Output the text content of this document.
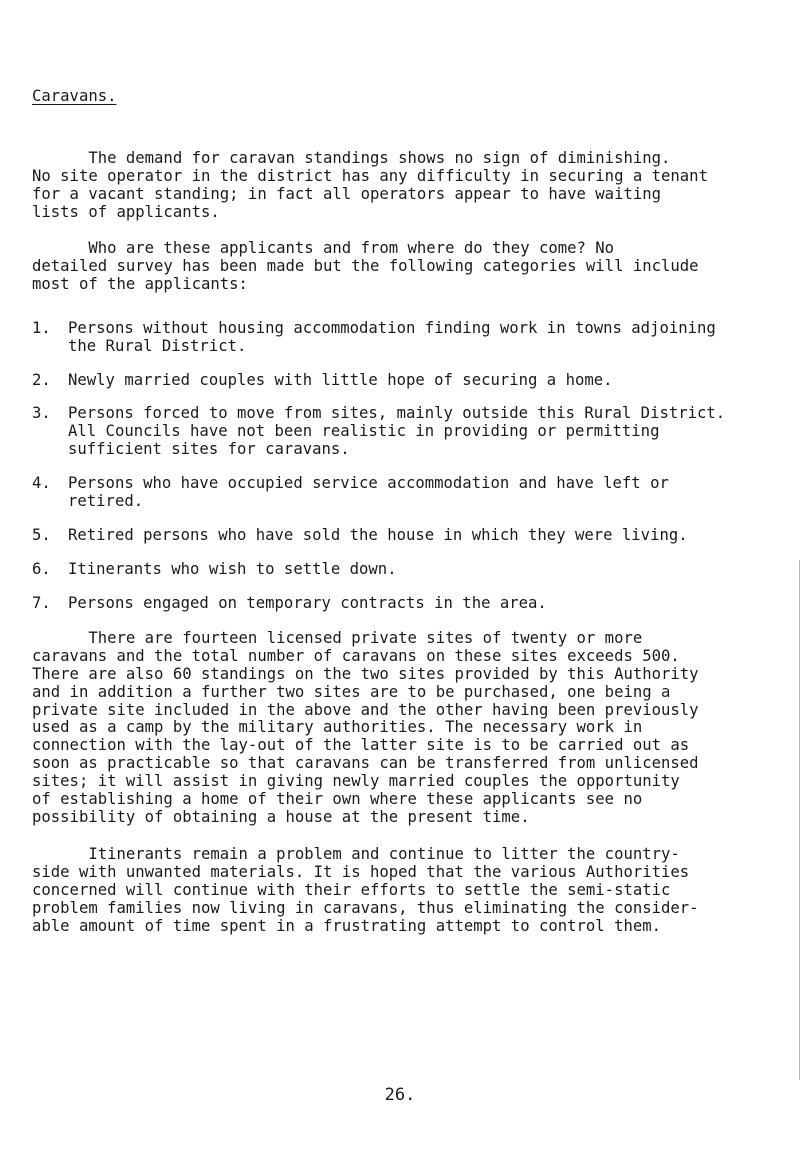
Caravans.
The demand for caravan standings shows no sign of diminishing.
No site operator in the district has any difficulty in securing a tenant
for a vacant standing; in fact all operators appear to have waiting
lists of applicants.
Who are these applicants and from where do they come? No
detailed survey has been made but the following categories will include
most of the applicants:
1. Persons without housing accommodation finding work in towns adjoining
the Rural District.
2. Newly married couples with little hope of securing a home.
3. Persons forced to move from sites, mainly outside this Rural District.
All Councils have not been realistic in providing or permitting
sufficient sites for caravans.
4. Persons who have occupied service accommodation and have left or
retired.
5. Retired persons who have sold the house in which they were living.
6. Itinerants who wish to settle down.
7. Persons engaged on temporary contracts in the area.
There are fourteen licensed private sites of twenty or more
caravans and the total number of caravans on these sites exceeds 500.
There are also 60 standings on the two sites provided by this Authority
and in addition a further two sites are to be purchased, one being a
private site included in the above and the other having been previously
used as a camp by the military authorities. The necessary work in
connection with the lay-out of the latter site is to be carried out as
soon as practicable so that caravans can be transferred from unlicensed
sites; it will assist in giving newly married couples the opportunity
of establishing a home of their own where these applicants see no
possibility of obtaining a house at the present time.
Itinerants remain a problem and continue to litter the country-
side with unwanted materials. It is hoped that the various Authorities
concerned will continue with their efforts to settle the semi-static
problem families now living in caravans, thus eliminating the consider-
able amount of time spent in a frustrating attempt to control them.
26.
